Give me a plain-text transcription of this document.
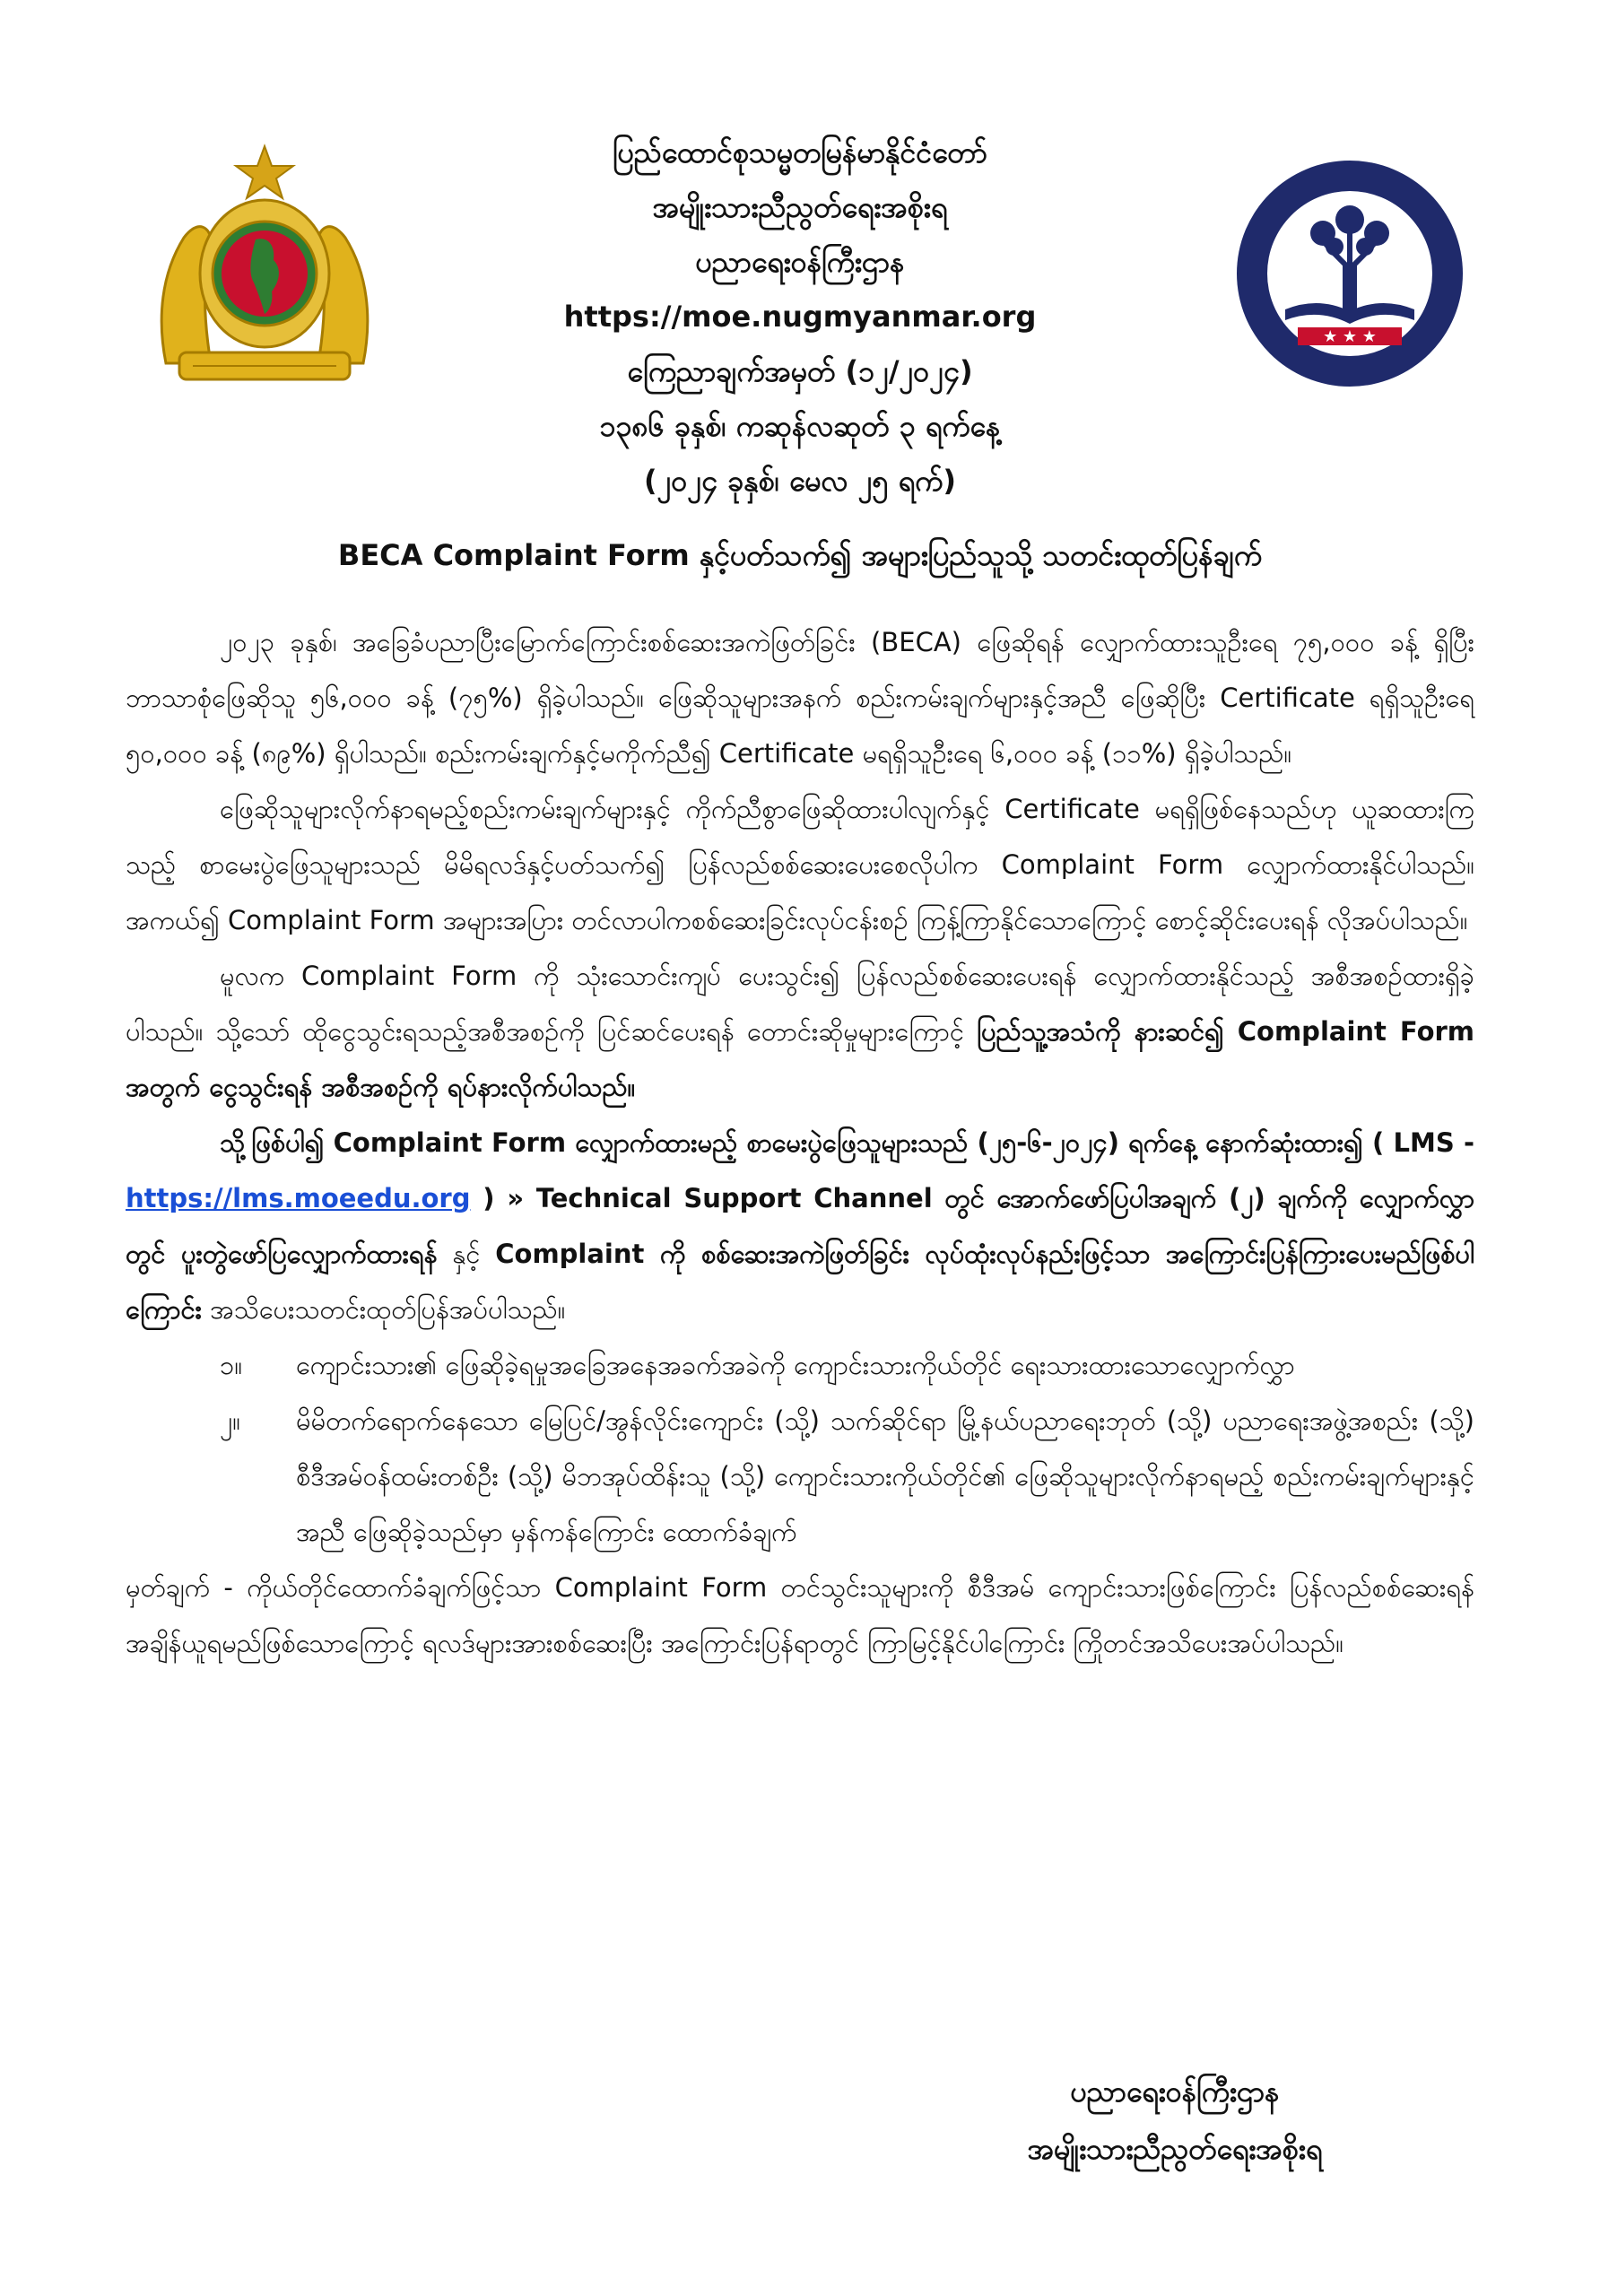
★ ★ ★
ပြည်ထောင်စုသမ္မတမြန်မာနိုင်ငံတော်
အမျိုးသားညီညွတ်ရေးအစိုးရ
ပညာရေးဝန်ကြီးဌာန
https://moe.nugmyanmar.org
ကြေညာချက်အမှတ် (၁၂/၂၀၂၄)
၁၃၈၆ ခုနှစ်၊ ကဆုန်လဆုတ် ၃ ရက်နေ့
(၂၀၂၄ ခုနှစ်၊ မေလ ၂၅ ရက်)
BECA Complaint Form နှင့်ပတ်သက်၍ အများပြည်သူသို့ သတင်းထုတ်ပြန်ချက်

၂၀၂၃ ခုနှစ်၊ အခြေခံပညာပြီးမြောက်ကြောင်းစစ်ဆေးအကဲဖြတ်ခြင်း (BECA) ဖြေဆိုရန် လျှောက်ထားသူဦးရေ ၇၅,၀၀၀ ခန့် ရှိပြီး ဘာသာစုံဖြေဆိုသူ ၅၆,၀၀၀ ခန့် (၇၅%) ရှိခဲ့ပါသည်။ ဖြေဆိုသူများအနက် စည်းကမ်းချက်များနှင့်အညီ ဖြေဆိုပြီး Certificate ရရှိသူဦးရေ ၅၀,၀၀၀ ခန့် (၈၉%) ရှိပါသည်။ စည်းကမ်းချက်နှင့်မကိုက်ညီ၍ Certificate မရရှိသူဦးရေ ၆,၀၀၀ ခန့် (၁၁%) ရှိခဲ့ပါသည်။

ဖြေဆိုသူများလိုက်နာရမည့်စည်းကမ်းချက်များနှင့် ကိုက်ညီစွာဖြေဆိုထားပါလျက်နှင့် Certificate မရရှိဖြစ်နေသည်ဟု ယူဆထားကြသည့် စာမေးပွဲဖြေသူများသည် မိမိရလဒ်နှင့်ပတ်သက်၍ ပြန်လည်စစ်ဆေးပေးစေလိုပါက Complaint Form လျှောက်ထားနိုင်ပါသည်။ အကယ်၍ Complaint Form အများအပြား တင်လာပါကစစ်ဆေးခြင်းလုပ်ငန်းစဉ် ကြန့်ကြာနိုင်သောကြောင့် စောင့်ဆိုင်းပေးရန် လိုအပ်ပါသည်။

မူလက Complaint Form ကို သုံးသောင်းကျပ် ပေးသွင်း၍ ပြန်လည်စစ်ဆေးပေးရန် လျှောက်ထားနိုင်သည့် အစီအစဉ်ထားရှိခဲ့ပါသည်။ သို့သော် ထိုငွေသွင်းရသည့်အစီအစဉ်ကို ပြင်ဆင်ပေးရန် တောင်းဆိုမှုများကြောင့် ပြည်သူ့အသံကို နားဆင်၍ Complaint Form အတွက် ငွေသွင်းရန် အစီအစဉ်ကို ရပ်နားလိုက်ပါသည်။

သို့ဖြစ်ပါ၍ Complaint Form လျှောက်ထားမည့် စာမေးပွဲဖြေသူများသည် (၂၅-၆-၂၀၂၄) ရက်နေ့ နောက်ဆုံးထား၍ ( LMS - https://lms.moeedu.org ) » Technical Support Channel တွင် အောက်ဖော်ပြပါအချက် (၂) ချက်ကို လျှောက်လွှာတွင် ပူးတွဲဖော်ပြလျှောက်ထားရန် နှင့် Complaint ကို စစ်ဆေးအကဲဖြတ်ခြင်း လုပ်ထုံးလုပ်နည်းဖြင့်သာ အကြောင်းပြန်ကြားပေးမည်ဖြစ်ပါကြောင်း အသိပေးသတင်းထုတ်ပြန်အပ်ပါသည်။

၁။ ကျောင်းသား၏ ဖြေဆိုခဲ့ရမှုအခြေအနေအခက်အခဲကို ကျောင်းသားကိုယ်တိုင် ရေးသားထားသောလျှောက်လွှာ
၂။ မိမိတက်ရောက်နေသော မြေပြင်/အွန်လိုင်းကျောင်း (သို့) သက်ဆိုင်ရာ မြို့နယ်ပညာရေးဘုတ် (သို့) ပညာရေးအဖွဲ့အစည်း (သို့) စီဒီအမ်ဝန်ထမ်းတစ်ဦး (သို့) မိဘအုပ်ထိန်းသူ (သို့) ကျောင်းသားကိုယ်တိုင်၏ ဖြေဆိုသူများလိုက်နာရမည့် စည်းကမ်းချက်များနှင့်အညီ ဖြေဆိုခဲ့သည်မှာ မှန်ကန်ကြောင်း ထောက်ခံချက်

မှတ်ချက် - ကိုယ်တိုင်ထောက်ခံချက်ဖြင့်သာ Complaint Form တင်သွင်းသူများကို စီဒီအမ် ကျောင်းသားဖြစ်ကြောင်း ပြန်လည်စစ်ဆေးရန် အချိန်ယူရမည်ဖြစ်သောကြောင့် ရလဒ်များအားစစ်ဆေးပြီး အကြောင်းပြန်ရာတွင် ကြာမြင့်နိုင်ပါကြောင်း ကြိုတင်အသိပေးအပ်ပါသည်။

ပညာရေးဝန်ကြီးဌာန
အမျိုးသားညီညွတ်ရေးအစိုးရ
